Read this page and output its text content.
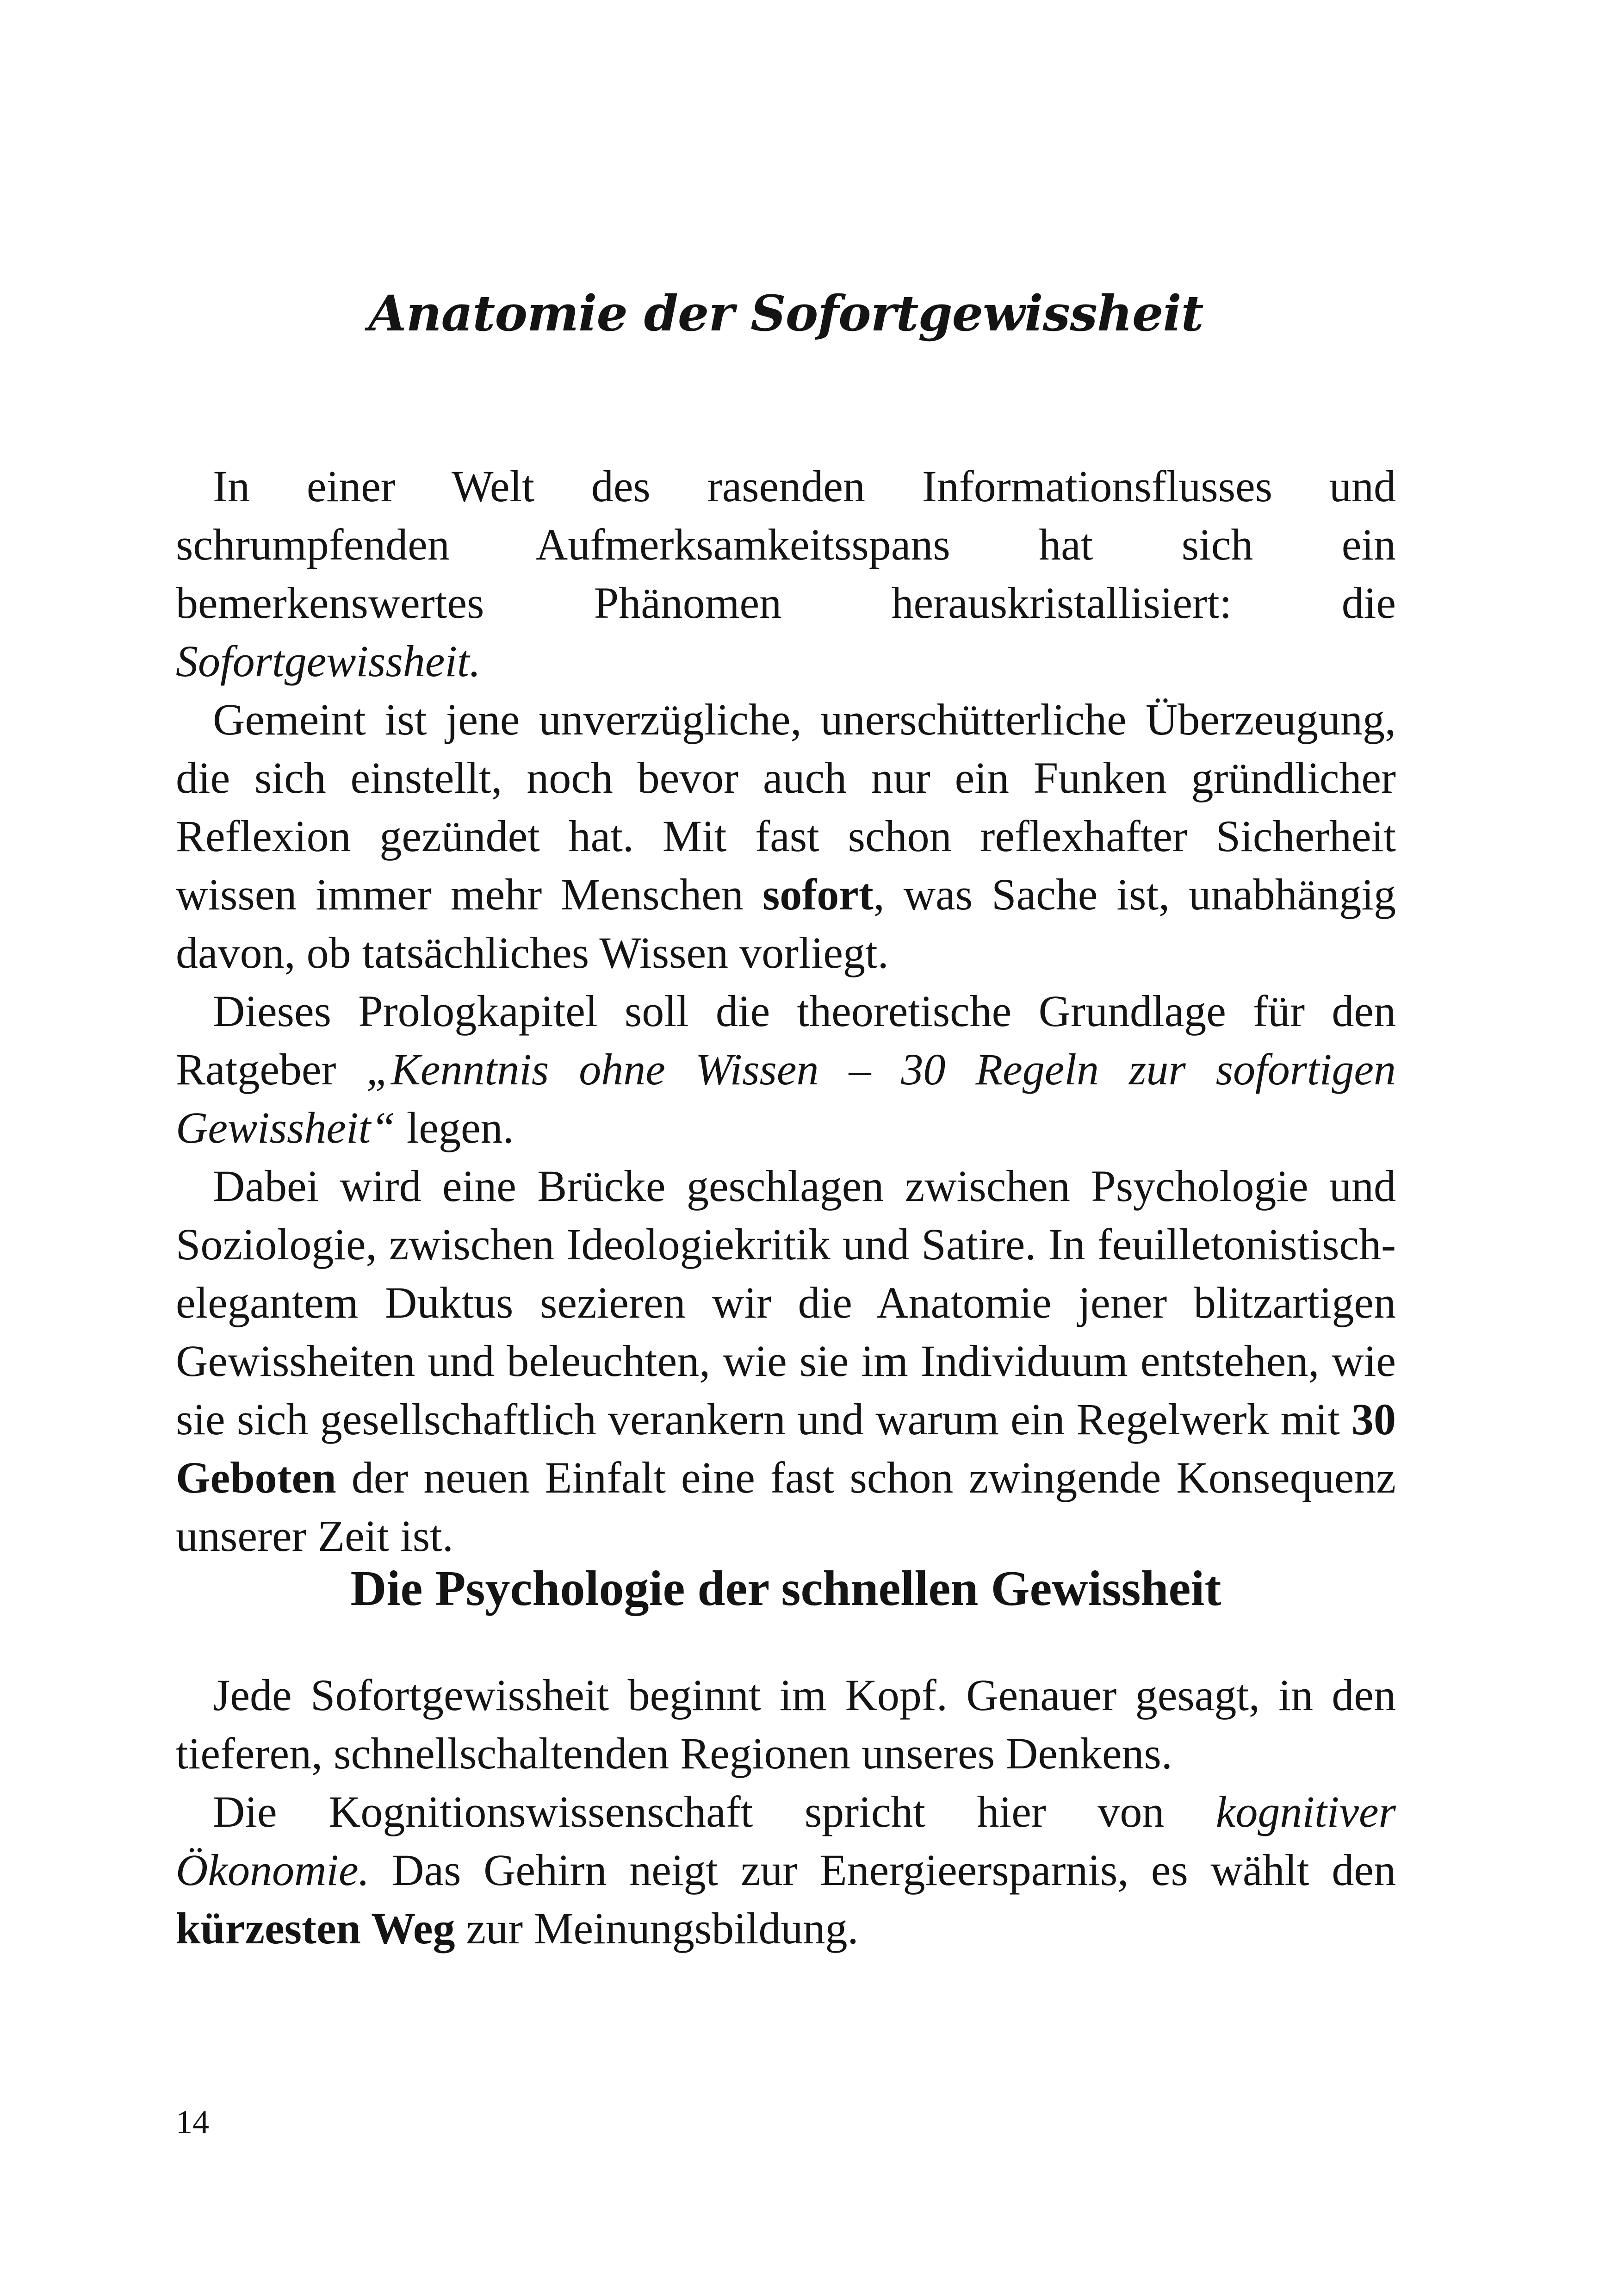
Anatomie der Sofortgewissheit

In einer Welt des rasenden Informationsflusses und schrumpfenden Aufmerksamkeitsspans hat sich ein bemerkenswertes Phänomen herauskristallisiert: die Sofortgewissheit.

Gemeint ist jene unverzügliche, unerschütterliche Überzeugung, die sich einstellt, noch bevor auch nur ein Funken gründlicher Reflexion gezündet hat. Mit fast schon reflexhafter Sicherheit wissen immer mehr Menschen sofort, was Sache ist, unabhängig davon, ob tatsächliches Wissen vorliegt.

Dieses Prologkapitel soll die theoretische Grundlage für den Ratgeber „Kenntnis ohne Wissen – 30 Regeln zur sofortigen Gewissheit“ legen.

Dabei wird eine Brücke geschlagen zwischen Psychologie und Soziologie, zwischen Ideologiekritik und Satire. In feuilletonistisch-elegantem Duktus sezieren wir die Anatomie jener blitzartigen Gewissheiten und beleuchten, wie sie im Individuum entstehen, wie sie sich gesellschaftlich verankern und warum ein Regelwerk mit 30 Geboten der neuen Einfalt eine fast schon zwingende Konsequenz unserer Zeit ist.

Die Psychologie der schnellen Gewissheit

Jede Sofortgewissheit beginnt im Kopf. Genauer gesagt, in den tieferen, schnellschaltenden Regionen unseres Denkens.

Die Kognitionswissenschaft spricht hier von kognitiver Ökonomie. Das Gehirn neigt zur Energieersparnis, es wählt den kürzesten Weg zur Meinungsbildung.

14
